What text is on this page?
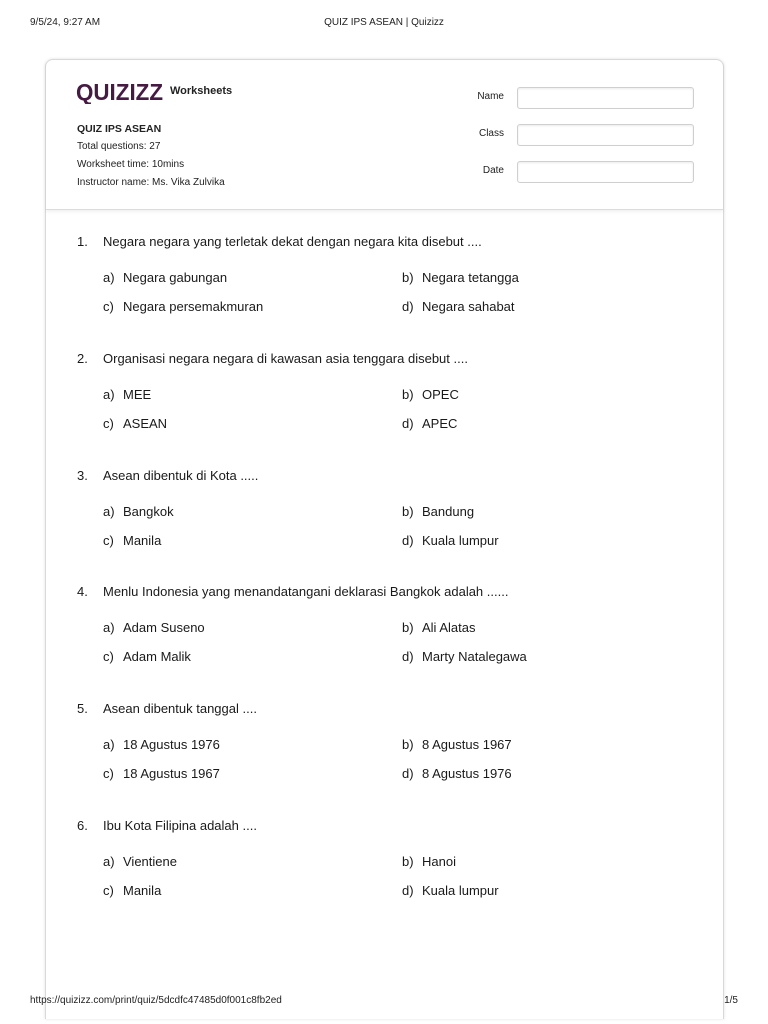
9/5/24, 9:27 AM	QUIZ IPS ASEAN | Quizizz
QUIZIZZ Worksheets
QUIZ IPS ASEAN
Total questions: 27
Worksheet time: 10mins
Instructor name: Ms. Vika Zulvika
Name
Class
Date
1. Negara negara yang terletak dekat dengan negara kita disebut ....
a) Negara gabungan	b) Negara tetangga
c) Negara persemakmuran	d) Negara sahabat
2. Organisasi negara negara di kawasan asia tenggara disebut ....
a) MEE	b) OPEC
c) ASEAN	d) APEC
3. Asean dibentuk di Kota .....
a) Bangkok	b) Bandung
c) Manila	d) Kuala lumpur
4. Menlu Indonesia yang menandatangani deklarasi Bangkok adalah ......
a) Adam Suseno	b) Ali Alatas
c) Adam Malik	d) Marty Natalegawa
5. Asean dibentuk tanggal ....
a) 18 Agustus 1976	b) 8 Agustus 1967
c) 18 Agustus 1967	d) 8 Agustus 1976
6. Ibu Kota Filipina adalah ....
a) Vientiene	b) Hanoi
c) Manila	d) Kuala lumpur
https://quizizz.com/print/quiz/5dcdfc47485d0f001c8fb2ed	1/5
